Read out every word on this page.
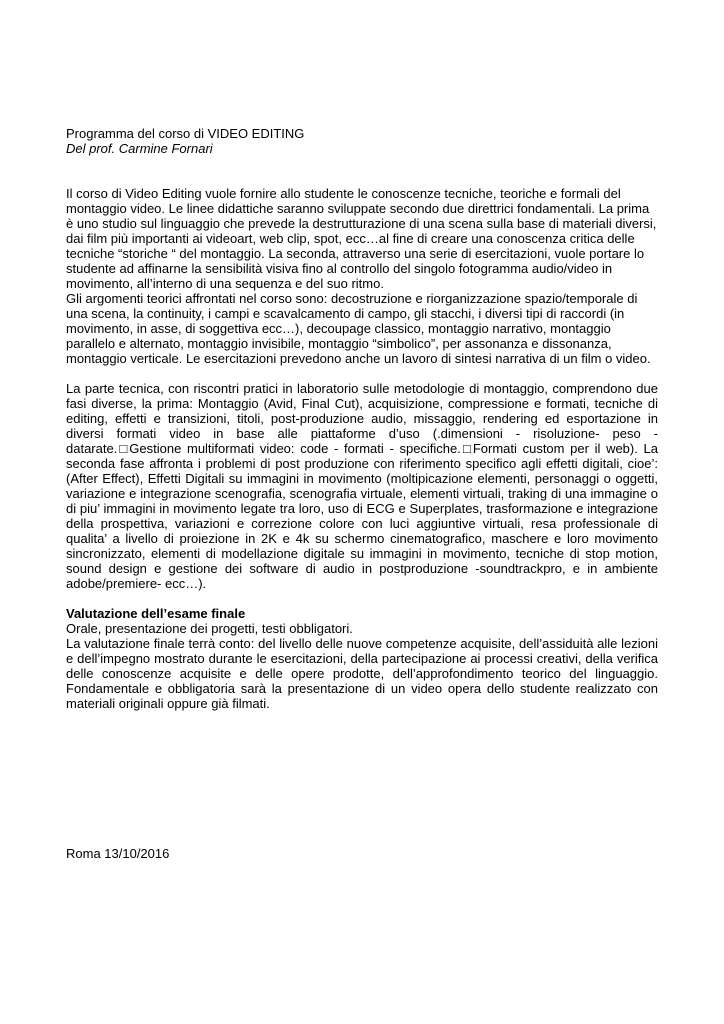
Programma del corso di VIDEO EDITING

Del prof. Carmine Fornari

Il corso di Video Editing vuole fornire allo studente le conoscenze tecniche, teoriche e formali del montaggio video. Le linee didattiche saranno sviluppate secondo due direttrici fondamentali. La prima è uno studio sul linguaggio che prevede la destrutturazione di una scena sulla base di materiali diversi, dai film più importanti ai videoart, web clip, spot, ecc…al fine di creare una conoscenza critica delle tecniche “storiche “ del montaggio. La seconda, attraverso una serie di esercitazioni, vuole portare lo studente ad affinarne la sensibilità visiva fino al controllo del singolo fotogramma audio/video in movimento, all’interno di una sequenza e del suo ritmo.

Gli argomenti teorici affrontati nel corso sono: decostruzione e riorganizzazione spazio/temporale di una scena, la continuity, i campi e scavalcamento di campo, gli stacchi, i diversi tipi di raccordi (in movimento, in asse, di soggettiva ecc…), decoupage classico, montaggio narrativo, montaggio parallelo e alternato, montaggio invisibile, montaggio “simbolico”, per assonanza e dissonanza, montaggio verticale. Le esercitazioni prevedono anche un lavoro di sintesi narrativa di un film o video.

La parte tecnica, con riscontri pratici in laboratorio sulle metodologie di montaggio, comprendono due fasi diverse, la prima: Montaggio (Avid, Final Cut), acquisizione, compressione e formati, tecniche di editing, effetti e transizioni, titoli, post-produzione audio, missaggio, rendering ed esportazione in diversi formati video in base alle piattaforme d’uso (.dimensioni - risoluzione- peso - datarate.□Gestione multiformati video: code - formati - specifiche.□Formati custom per il web). La seconda fase affronta i problemi di post produzione con riferimento specifico agli effetti digitali, cioe’: (After Effect), Effetti Digitali su immagini in movimento (moltipicazione elementi, personaggi o oggetti, variazione e integrazione scenografia, scenografia virtuale, elementi virtuali, traking di una immagine o di piu’ immagini in movimento legate tra loro, uso di ECG e Superplates, trasformazione e integrazione della prospettiva, variazioni e correzione colore con luci aggiuntive virtuali, resa professionale di qualita’ a livello di proiezione in 2K e 4k su schermo cinematografico, maschere e loro movimento sincronizzato, elementi di modellazione digitale su immagini in movimento, tecniche di stop motion, sound design e gestione dei software di audio in postproduzione -soundtrackpro, e in ambiente adobe/premiere- ecc…).

Valutazione dell’esame finale

Orale, presentazione dei progetti, testi obbligatori.

La valutazione finale terrà conto: del livello delle nuove competenze acquisite, dell’assiduità alle lezioni e dell’impegno mostrato durante le esercitazioni, della partecipazione ai processi creativi, della verifica delle conoscenze acquisite e delle opere prodotte, dell’approfondimento teorico del linguaggio. Fondamentale e obbligatoria sarà la presentazione di un video opera dello studente realizzato con materiali originali oppure già filmati.

Roma 13/10/2016
